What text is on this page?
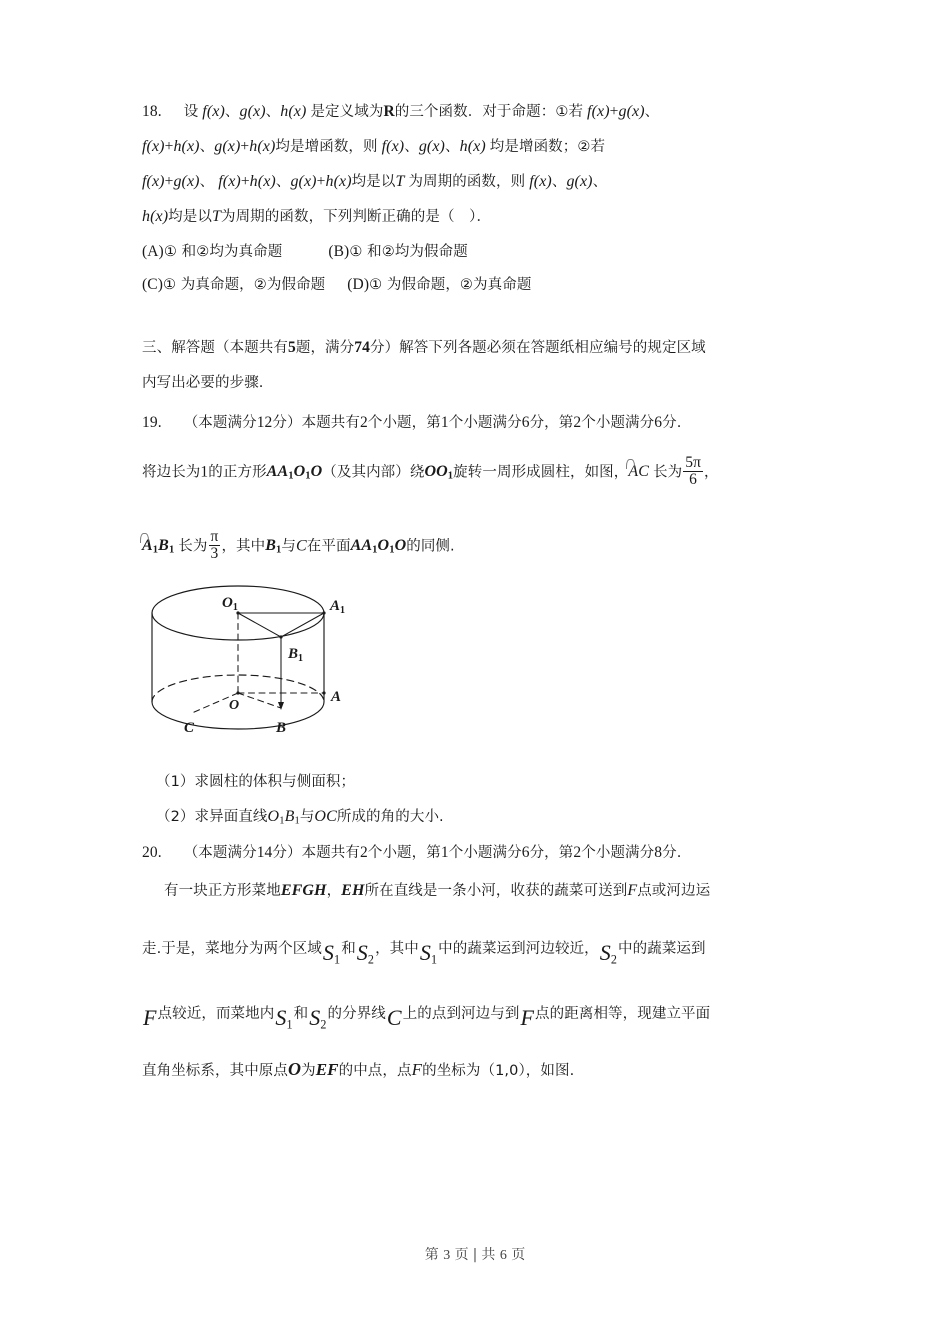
18. 设 f(x)、g(x)、h(x) 是定义域为R的三个函数．对于命题：①若 f(x)+g(x)、
f(x)+h(x)、g(x)+h(x)均是增函数，则 f(x)、g(x)、h(x) 均是增函数；②若
f(x)+g(x)、 f(x)+h(x)、g(x)+h(x)均是以T 为周期的函数，则 f(x)、g(x)、
h(x)均是以T为周期的函数，下列判断正确的是（　）．
(A)① 和②均为真命题	(B)① 和②均为假命题
(C)① 为真命题，②为假命题 (D)① 为假命题，②为真命题
三、解答题（本题共有5题，满分74分）解答下列各题必须在答题纸相应编号的规定区域
内写出必要的步骤.
19. （本题满分12分）本题共有2个小题，第1个小题满分6分，第2个小题满分6分.
将边长为1的正方形$AA_1O_1O$（及其内部）绕$OO_1$旋转一周形成圆柱，如图，
AC 长为 $\frac{5\pi}{6}$ ，
$A_1B_1$ 长为 $\frac{\pi}{3}$ ，其中$B_1$与C在平面$AA_1O_1O$的同侧.
$O_1$	$A_1$
$B_1$
O
A
B
C
（1）求圆柱的体积与侧面积；
（2）求异面直线$O_1B_1$与OC所成的角的大小.
20. （本题满分14分）本题共有2个小题，第1个小题满分6分，第2个小题满分8分.
有一块正方形菜地EFGH，EH所在直线是一条小河，收获的蔬菜可送到F点或河边运
走.于是，菜地分为两个区域$S_1$和$S_2$，其中$S_1$中的蔬菜运到河边较近，$S_2$中的蔬菜运到
F点较近，而菜地内$S_1$和$S_2$的分界线C上的点到河边与到F点的距离相等，现建立平面
直角坐标系，其中原点O为EF的中点，点F的坐标为（1,0），如图.
第 3 页 | 共 6 页
